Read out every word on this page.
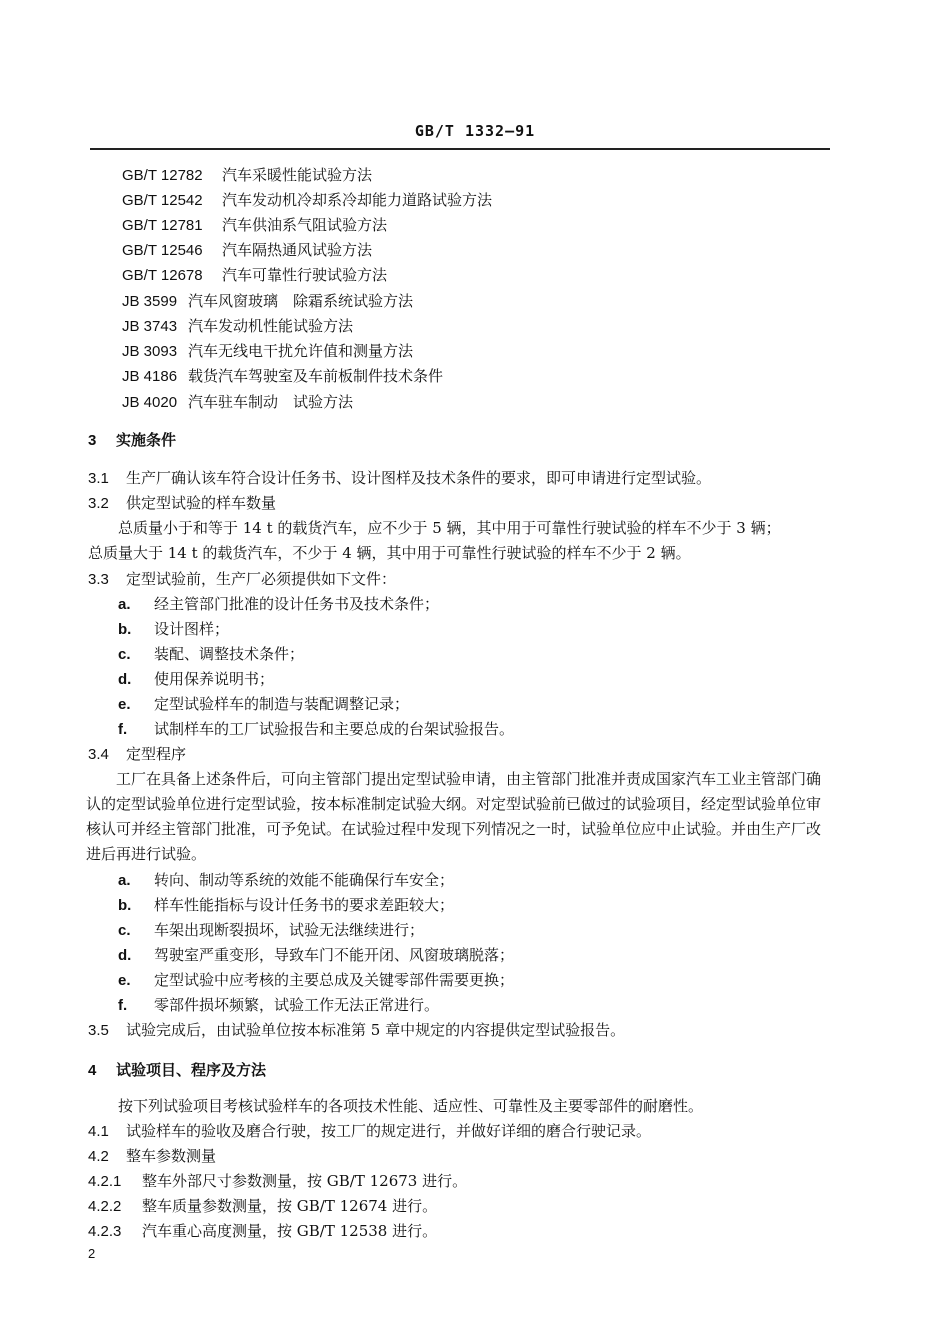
GB/T 1332—91
GB/T 12782 汽车采暖性能试验方法
GB/T 12542 汽车发动机冷却系冷却能力道路试验方法
GB/T 12781 汽车供油系气阻试验方法
GB/T 12546 汽车隔热通风试验方法
GB/T 12678 汽车可靠性行驶试验方法
JB 3599 汽车风窗玻璃　除霜系统试验方法
JB 3743 汽车发动机性能试验方法
JB 3093 汽车无线电干扰允许值和测量方法
JB 4186 载货汽车驾驶室及车前板制件技术条件
JB 4020 汽车驻车制动　试验方法
3 实施条件
3.1 生产厂确认该车符合设计任务书、设计图样及技术条件的要求，即可申请进行定型试验。
3.2 供定型试验的样车数量
总质量小于和等于 14 t 的载货汽车，应不少于 5 辆，其中用于可靠性行驶试验的样车不少于 3 辆；
总质量大于 14 t 的载货汽车，不少于 4 辆，其中用于可靠性行驶试验的样车不少于 2 辆。
3.3 定型试验前，生产厂必须提供如下文件：
a. 经主管部门批准的设计任务书及技术条件；
b. 设计图样；
c. 装配、调整技术条件；
d. 使用保养说明书；
e. 定型试验样车的制造与装配调整记录；
f. 试制样车的工厂试验报告和主要总成的台架试验报告。
3.4 定型程序
工厂在具备上述条件后，可向主管部门提出定型试验申请，由主管部门批准并责成国家汽车工业主管部门确认的定型试验单位进行定型试验，按本标准制定试验大纲。对定型试验前已做过的试验项目，经定型试验单位审核认可并经主管部门批准，可予免试。在试验过程中发现下列情况之一时，试验单位应中止试验。并由生产厂改进后再进行试验。
a. 转向、制动等系统的效能不能确保行车安全；
b. 样车性能指标与设计任务书的要求差距较大；
c. 车架出现断裂损坏，试验无法继续进行；
d. 驾驶室严重变形，导致车门不能开闭、风窗玻璃脱落；
e. 定型试验中应考核的主要总成及关键零部件需要更换；
f. 零部件损坏频繁，试验工作无法正常进行。
3.5 试验完成后，由试验单位按本标准第 5 章中规定的内容提供定型试验报告。
4 试验项目、程序及方法
按下列试验项目考核试验样车的各项技术性能、适应性、可靠性及主要零部件的耐磨性。
4.1 试验样车的验收及磨合行驶，按工厂的规定进行，并做好详细的磨合行驶记录。
4.2 整车参数测量
4.2.1 整车外部尺寸参数测量，按 GB/T 12673 进行。
4.2.2 整车质量参数测量，按 GB/T 12674 进行。
4.2.3 汽车重心高度测量，按 GB/T 12538 进行。
2
